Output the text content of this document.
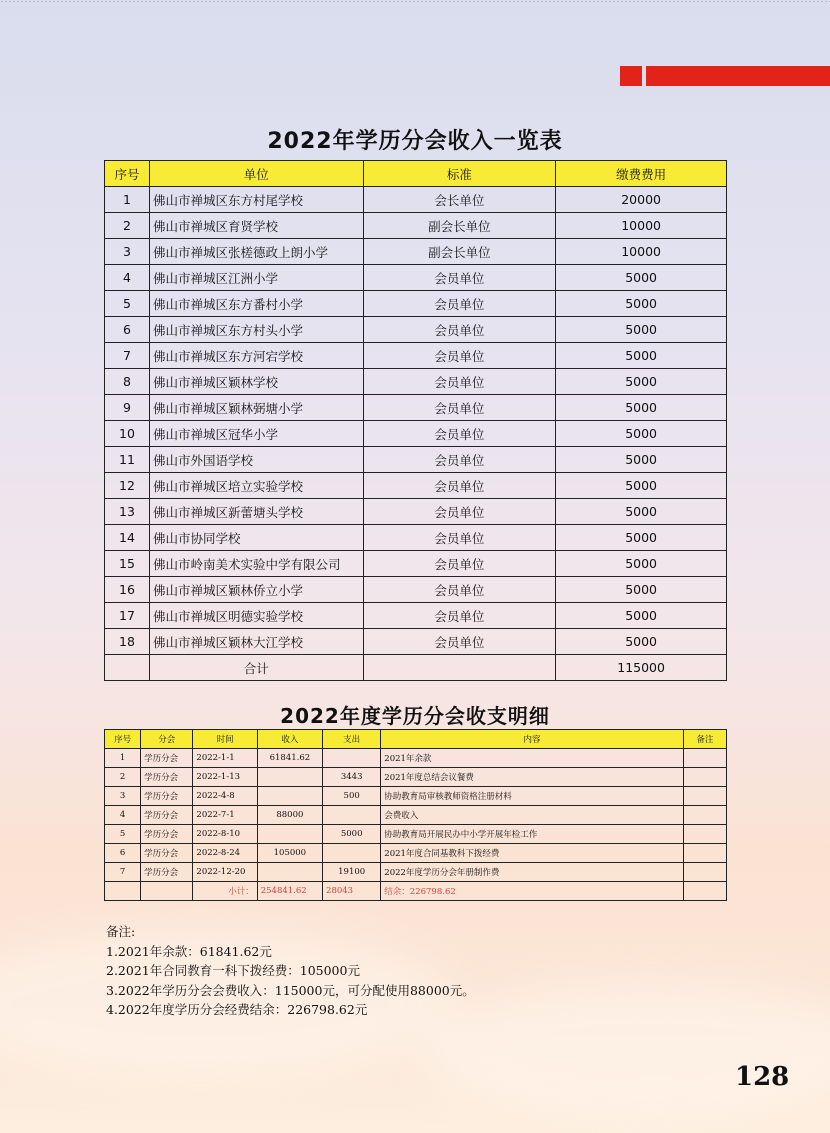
2022年学历分会收入一览表
序号	单位	标准	缴费费用
1	佛山市禅城区东方村尾学校	会长单位	20000
2	佛山市禅城区育贤学校	副会长单位	10000
3	佛山市禅城区张槎德政上朗小学	副会长单位	10000
4	佛山市禅城区江洲小学	会员单位	5000
5	佛山市禅城区东方番村小学	会员单位	5000
6	佛山市禅城区东方村头小学	会员单位	5000
7	佛山市禅城区东方河宕学校	会员单位	5000
8	佛山市禅城区颖林学校	会员单位	5000
9	佛山市禅城区颖林弼塘小学	会员单位	5000
10	佛山市禅城区冠华小学	会员单位	5000
11	佛山市外国语学校	会员单位	5000
12	佛山市禅城区培立实验学校	会员单位	5000
13	佛山市禅城区新蕾塘头学校	会员单位	5000
14	佛山市协同学校	会员单位	5000
15	佛山市岭南美术实验中学有限公司	会员单位	5000
16	佛山市禅城区颖林侨立小学	会员单位	5000
17	佛山市禅城区明德实验学校	会员单位	5000
18	佛山市禅城区颖林大江学校	会员单位	5000
	合计		115000
2022年度学历分会收支明细
序号	分会	时间	收入	支出	内容	备注
1	学历分会	2022-1-1	61841.62		2021年余款	
2	学历分会	2022-1-13		3443	2021年度总结会议餐费	
3	学历分会	2022-4-8		500	协助教育局审核教师资格注册材料	
4	学历分会	2022-7-1	88000		会费收入	
5	学历分会	2022-8-10		5000	协助教育局开展民办中小学开展年检工作	
6	学历分会	2022-8-24	105000		2021年度合同基教科下拨经费	
7	学历分会	2022-12-20		19100	2022年度学历分会年册制作费	
		小计：	254841.62	28043	结余：226798.62	
备注:
1.2021年余款：61841.62元
2.2021年合同教育一科下拨经费：105000元
3.2022年学历分会会费收入：115000元，可分配使用88000元。
4.2022年度学历分会经费结余：226798.62元
128
